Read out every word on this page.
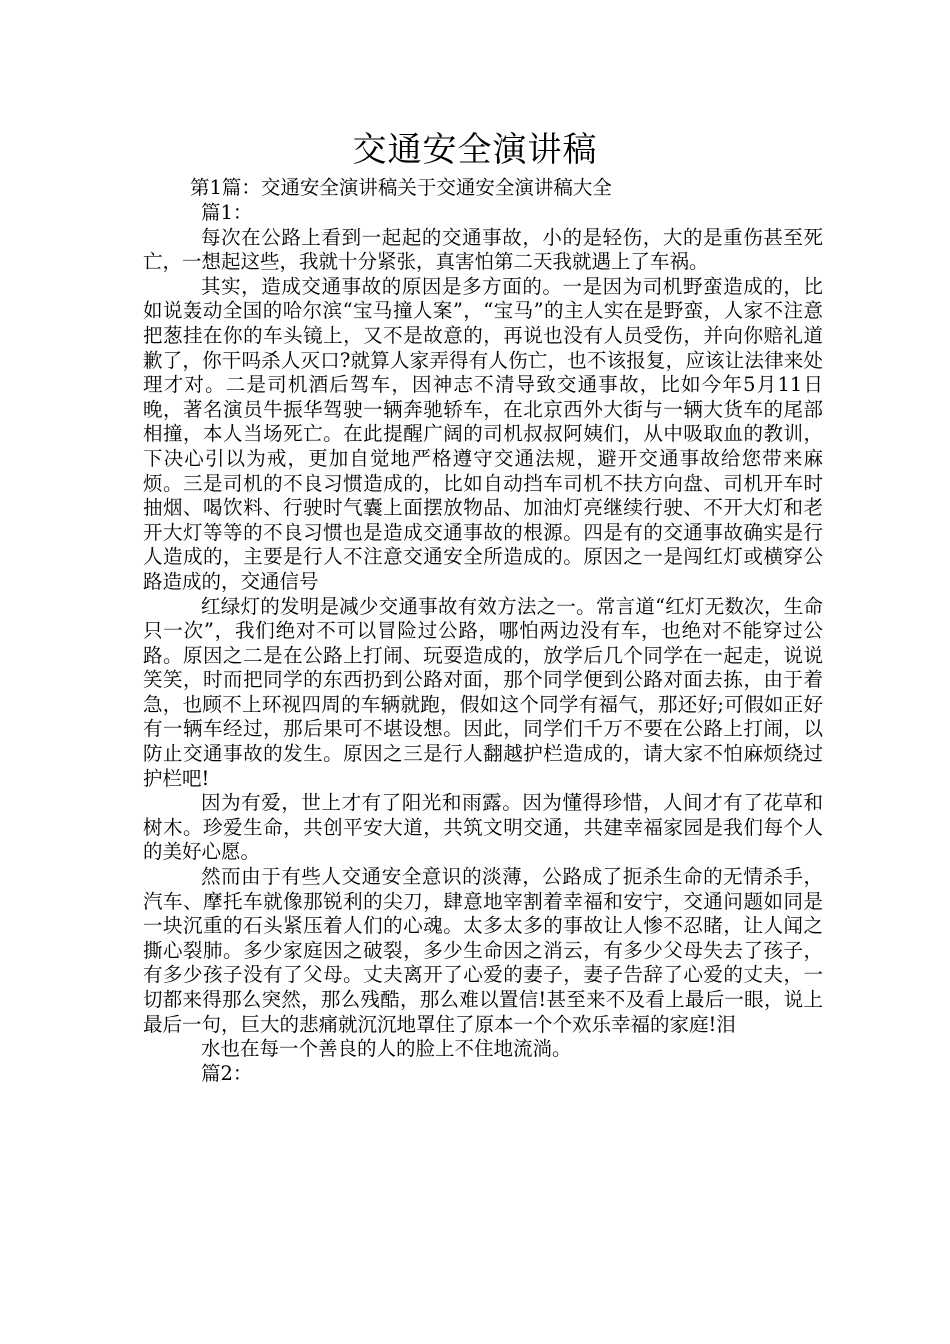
交通安全演讲稿
第1篇：交通安全演讲稿关于交通安全演讲稿大全

篇1：

每次在公路上看到一起起的交通事故，小的是轻伤，大的是重伤甚至死亡，一想起这些，我就十分紧张，真害怕第二天我就遇上了车祸。

其实，造成交通事故的原因是多方面的。一是因为司机野蛮造成的，比如说轰动全国的哈尔滨“宝马撞人案”，“宝马”的主人实在是野蛮，人家不注意把葱挂在你的车头镜上，又不是故意的，再说也没有人员受伤，并向你赔礼道歉了，你干吗杀人灭口?就算人家弄得有人伤亡，也不该报复，应该让法律来处理才对。二是司机酒后驾车，因神志不清导致交通事故，比如今年5月11日晚，著名演员牛振华驾驶一辆奔驰轿车，在北京西外大街与一辆大货车的尾部相撞，本人当场死亡。在此提醒广阔的司机叔叔阿姨们，从中吸取血的教训，下决心引以为戒，更加自觉地严格遵守交通法规，避开交通事故给您带来麻烦。三是司机的不良习惯造成的，比如自动挡车司机不扶方向盘、司机开车时抽烟、喝饮料、行驶时气囊上面摆放物品、加油灯亮继续行驶、不开大灯和老开大灯等等的不良习惯也是造成交通事故的根源。四是有的交通事故确实是行人造成的，主要是行人不注意交通安全所造成的。原因之一是闯红灯或横穿公路造成的，交通信号

红绿灯的发明是减少交通事故有效方法之一。常言道“红灯无数次，生命只一次”，我们绝对不可以冒险过公路，哪怕两边没有车，也绝对不能穿过公路。原因之二是在公路上打闹、玩耍造成的，放学后几个同学在一起走，说说笑笑，时而把同学的东西扔到公路对面，那个同学便到公路对面去拣，由于着急，也顾不上环视四周的车辆就跑，假如这个同学有福气，那还好;可假如正好有一辆车经过，那后果可不堪设想。因此，同学们千万不要在公路上打闹，以防止交通事故的发生。原因之三是行人翻越护栏造成的，请大家不怕麻烦绕过护栏吧!

因为有爱，世上才有了阳光和雨露。因为懂得珍惜，人间才有了花草和树木。珍爱生命，共创平安大道，共筑文明交通，共建幸福家园是我们每个人的美好心愿。

然而由于有些人交通安全意识的淡薄，公路成了扼杀生命的无情杀手，汽车、摩托车就像那锐利的尖刀，肆意地宰割着幸福和安宁，交通问题如同是一块沉重的石头紧压着人们的心魂。太多太多的事故让人惨不忍睹，让人闻之撕心裂肺。多少家庭因之破裂，多少生命因之消云，有多少父母失去了孩子，有多少孩子没有了父母。丈夫离开了心爱的妻子，妻子告辞了心爱的丈夫，一切都来得那么突然，那么残酷，那么难以置信!甚至来不及看上最后一眼，说上最后一句，巨大的悲痛就沉沉地罩住了原本一个个欢乐幸福的家庭!泪

水也在每一个善良的人的脸上不住地流淌。

篇2：
